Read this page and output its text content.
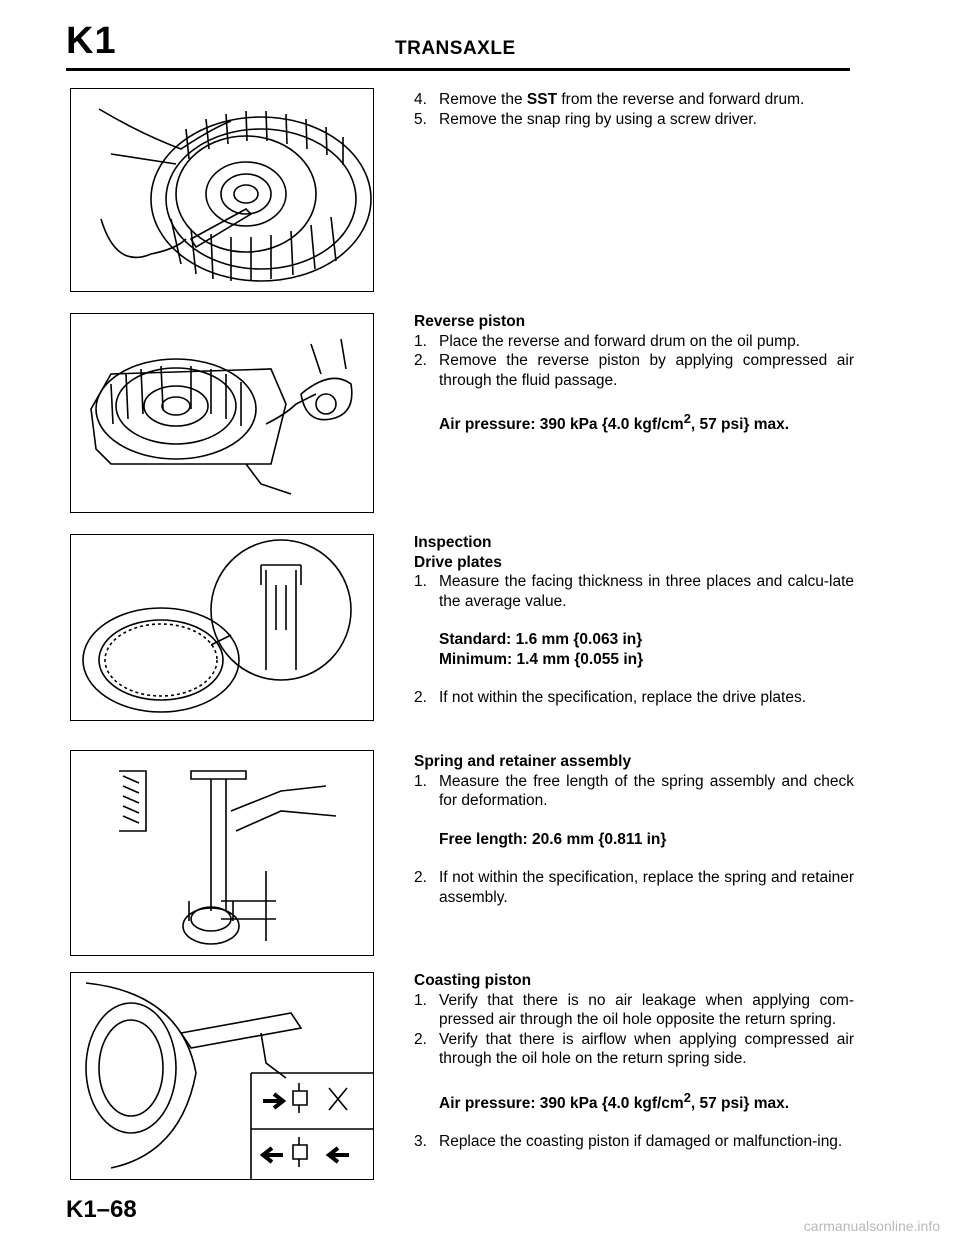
K1	TRANSAXLE

4. Remove the SST from the reverse and forward drum.

5. Remove the snap ring by using a screw driver.

Reverse piston

1. Place the reverse and forward drum on the oil pump.

2. Remove the reverse piston by applying compressed air through the fluid passage.

Air pressure: 390 kPa {4.0 kgf/$cm^2$, 57 psi} max.

Inspection

Drive plates

1. Measure the facing thickness in three places and calcu-late the average value.

Standard: 1.6 mm {0.063 in}

Minimum: 1.4 mm {0.055 in}

2. If not within the specification, replace the drive plates.

Spring and retainer assembly

1. Measure the free length of the spring assembly and check for deformation.

Free length: 20.6 mm {0.811 in}

2. If not within the specification, replace the spring and retainer assembly.

Coasting piston

1. Verify that there is no air leakage when applying com-pressed air through the oil hole opposite the return spring.

2. Verify that there is airflow when applying compressed air through the oil hole on the return spring side.

Air pressure: 390 kPa {4.0 kgf/$cm^2$, 57 psi} max.

3. Replace the coasting piston if damaged or malfunction-ing.

K1–68
carmanualsonline.info
